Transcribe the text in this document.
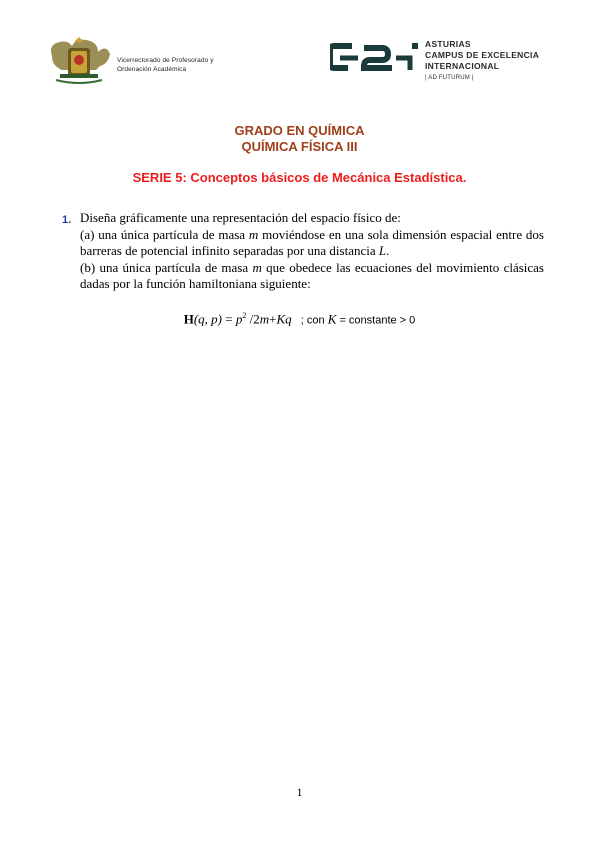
Vicerrectorado de Profesorado y
Ordenación Académica
ASTURIAS
CAMPUS DE EXCELENCIA
INTERNACIONAL
| AD FUTURUM |
GRADO EN QUÍMICA
QUÍMICA FÍSICA III
SERIE 5: Conceptos básicos de Mecánica Estadística.
1. Diseña gráficamente una representación del espacio físico de:

(a) una única partícula de masa m moviéndose en una sola dimensión espacial entre dos barreras de potencial infinito separadas por una distancia L.

(b) una única partícula de masa m que obedece las ecuaciones del movimiento clásicas dadas por la función hamiltoniana siguiente:

H(q, $p) = p^2$ /2m+Kq   ; con K = constante > 0
1
